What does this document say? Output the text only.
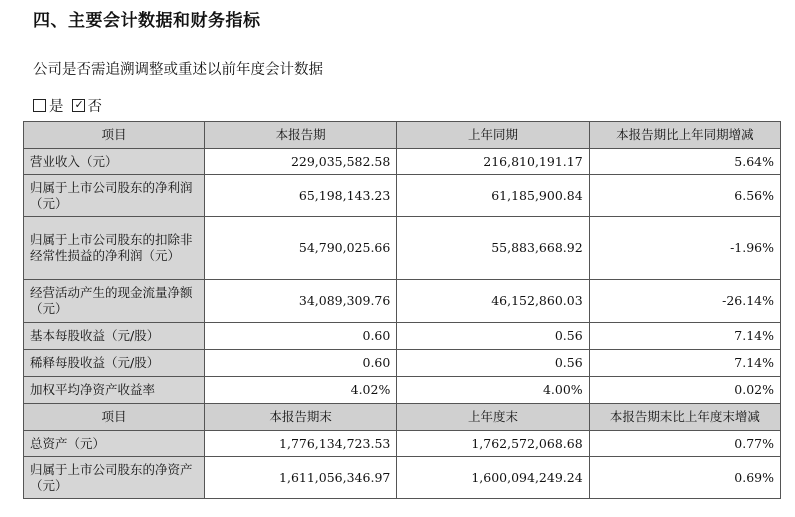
四、主要会计数据和财务指标
公司是否需追溯调整或重述以前年度会计数据
是 ✓ 否
项目	本报告期	上年同期	本报告期比上年同期增减
营业收入（元）	229,035,582.58	216,810,191.17	5.64%
归属于上市公司股东的净利润（元）	65,198,143.23	61,185,900.84	6.56%
归属于上市公司股东的扣除非经常性损益的净利润（元）	54,790,025.66	55,883,668.92	-1.96%
经营活动产生的现金流量净额（元）	34,089,309.76	46,152,860.03	-26.14%
基本每股收益（元/股）	0.60	0.56	7.14%
稀释每股收益（元/股）	0.60	0.56	7.14%
加权平均净资产收益率	4.02%	4.00%	0.02%
项目	本报告期末	上年度末	本报告期末比上年度末增减
总资产（元）	1,776,134,723.53	1,762,572,068.68	0.77%
归属于上市公司股东的净资产（元）	1,611,056,346.97	1,600,094,249.24	0.69%
